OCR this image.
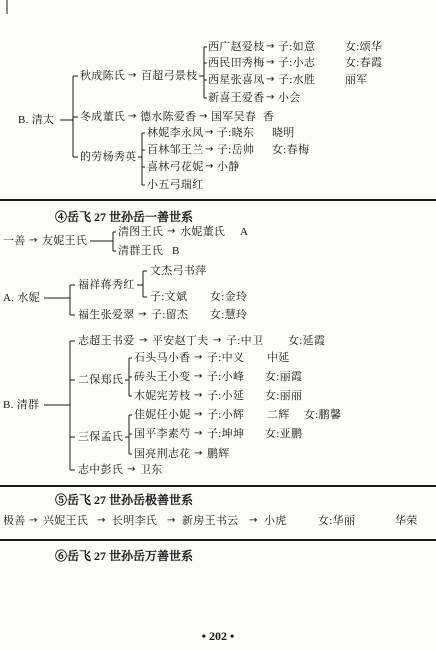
B. 清太
秋成陈氏 → 百超弓景枝
西广赵爱枝 → 子:如意	女:颂华
西民田秀梅 → 子:小志	女:春霞
西星张喜凤 → 子:水胜	丽军
新喜王爱香 → 小会
冬成董氏 → 德水陈爱香 → 国军吴春 香
的劳杨秀英
林妮李永凤 → 子:晓东 晓明
百林邹王兰 → 子:岳帅 女:春梅
喜林弓花妮 → 小静
小五弓瑞红
④岳飞 27 世孙岳一善世系
一善 → 友妮王氏
清图王氏 → 水妮董氏 A
清群王氏 B
A. 水妮
福祥蒋秀红
文杰弓书萍
子:文斌 女:金玲
福生张爱翠 → 子:留杰 女:慧玲
B. 清群
志超王书爱 → 平安赵丁夫 → 子:中卫 女:延霞
二保郑氏
石头马小香 → 子:中义 中延
砖头王小变 → 子:小峰 女:丽霞
木妮宪芳枝 → 子:小延 女:丽丽
三保孟氏
佳妮任小妮 → 子:小辉 二辉 女:鹏馨
国平李素芍 → 子:坤坤 女:亚鹏
国亮荆志花 → 鹏辉
志中彭氏 → 卫东
⑤岳飞 27 世孙岳极善世系
极善 → 兴妮王氏 → 长明李氏 → 新房王书云 → 小虎	女:华丽	华荣
⑥岳飞 27 世孙岳万善世系
• 202 •
